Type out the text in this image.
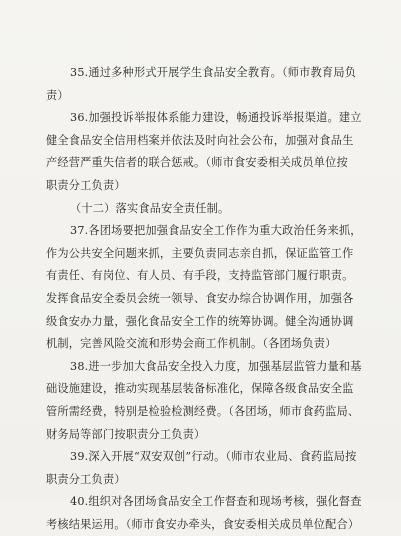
35.通过多种形式开展学生食品安全教育。（师市教育局负
责）
36.加强投诉举报体系能力建设，畅通投诉举报渠道。建立
健全食品安全信用档案并依法及时向社会公布，加强对食品生
产经营严重失信者的联合惩戒。（师市食安委相关成员单位按
职责分工负责）
（十二）落实食品安全责任制。
37.各团场要把加强食品安全工作作为重大政治任务来抓，
作为公共安全问题来抓，主要负责同志亲自抓，保证监管工作
有责任、有岗位、有人员、有手段，支持监管部门履行职责。
发挥食品安全委员会统一领导、食安办综合协调作用，加强各
级食安办力量，强化食品安全工作的统筹协调。健全沟通协调
机制，完善风险交流和形势会商工作机制。（各团场负责）
38.进一步加大食品安全投入力度，加强基层监管力量和基
础设施建设，推动实现基层装备标准化，保障各级食品安全监
管所需经费，特别是检验检测经费。（各团场，师市食药监局、
财务局等部门按职责分工负责）
39.深入开展“双安双创”行动。（师市农业局、食药监局按
职责分工负责）
40.组织对各团场食品安全工作督查和现场考核，强化督查
考核结果运用。（师市食安办牵头，食安委相关成员单位配合）
